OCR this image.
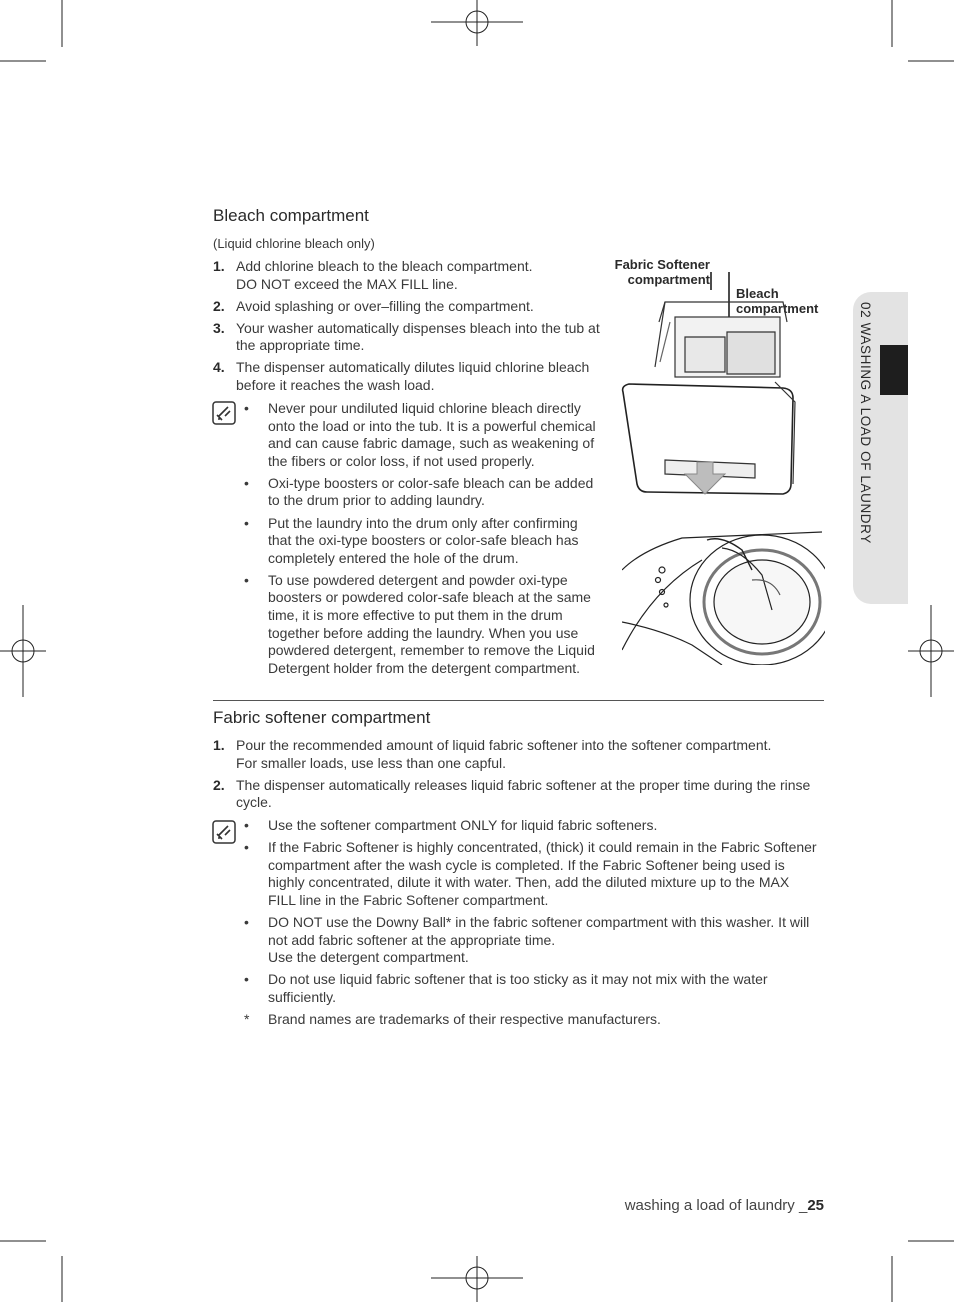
02 WASHING A LOAD OF LAUNDRY
Bleach compartment
(Liquid chlorine bleach only)
1. Add chlorine bleach to the bleach compartment.
DO NOT exceed the MAX FILL line.
2. Avoid splashing or over–filling the compartment.
3. Your washer automatically dispenses bleach into the tub at
the appropriate time.
4. The dispenser automatically dilutes liquid chlorine bleach
before it reaches the wash load.
•	Never pour undiluted liquid chlorine bleach directly
onto the load or into the tub. It is a powerful chemical
and can cause fabric damage, such as weakening of
the fibers or color loss, if not used properly.
•	Oxi-type boosters or color-safe bleach can be added
to the drum prior to adding laundry.
•	Put the laundry into the drum only after confirming
that the oxi-type boosters or color-safe bleach has
completely entered the hole of the drum.
•	To use powdered detergent and powder oxi-type
boosters or powdered color-safe bleach at the same
time, it is more effective to put them in the drum
together before adding the laundry. When you use
powdered detergent, remember to remove the Liquid
Detergent holder from the detergent compartment.
Fabric Softener
compartment
Bleach
compartment
Fabric softener compartment
1. Pour the recommended amount of liquid fabric softener into the softener compartment.
For smaller loads, use less than one capful.
2. The dispenser automatically releases liquid fabric softener at the proper time during the rinse
cycle.
•	Use the softener compartment ONLY for liquid fabric softeners.
•	If the Fabric Softener is highly concentrated, (thick) it could remain in the Fabric Softener
compartment after the wash cycle is completed. If the Fabric Softener being used is
highly concentrated, dilute it with water. Then, add the diluted mixture up to the MAX
FILL line in the Fabric Softener compartment.
•	DO NOT use the Downy Ball* in the fabric softener compartment with this washer. It will
not add fabric softener at the appropriate time.
Use the detergent compartment.
•	Do not use liquid fabric softener that is too sticky as it may not mix with the water
sufficiently.
*	Brand names are trademarks of their respective manufacturers.
washing a load of laundry _25
